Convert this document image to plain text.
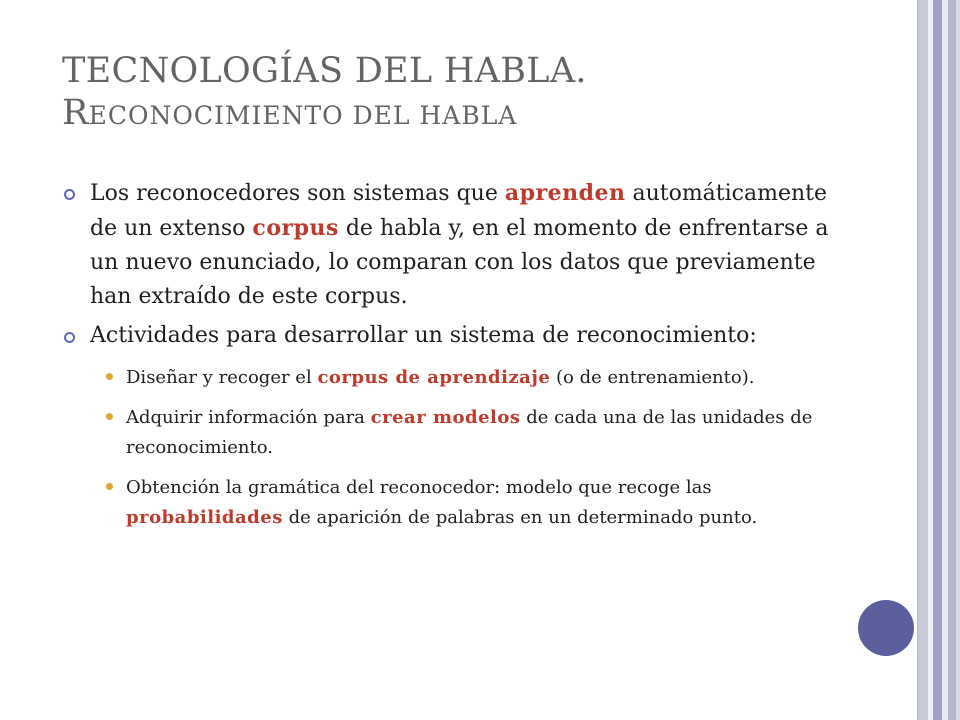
TECNOLOGÍAS DEL HABLA.
RECONOCIMIENTO DEL HABLA
Los reconocedores son sistemas que aprenden automáticamente de un extenso corpus de habla y, en el momento de enfrentarse a un nuevo enunciado, lo comparan con los datos que previamente han extraído de este corpus.
Actividades para desarrollar un sistema de reconocimiento:
Diseñar y recoger el corpus de aprendizaje (o de entrenamiento).
Adquirir información para crear modelos de cada una de las unidades de reconocimiento.
Obtención la gramática del reconocedor: modelo que recoge las probabilidades de aparición de palabras en un determinado punto.
